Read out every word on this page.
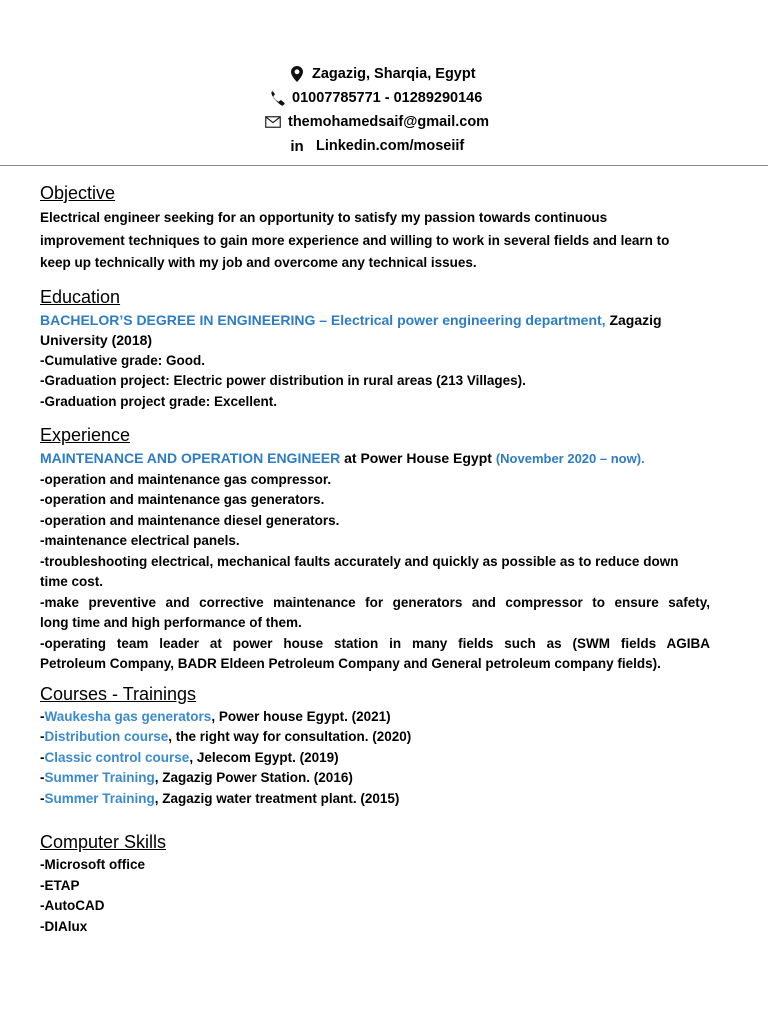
Zagazig, Sharqia, Egypt
01007785771 - 01289290146
themohamedsaif@gmail.com
in Linkedin.com/moseiif

Objective

Electrical engineer seeking for an opportunity to satisfy my passion towards continuous

improvement techniques to gain more experience and willing to work in several fields and learn to

keep up technically with my job and overcome any technical issues.

Education

BACHELOR’S DEGREE IN ENGINEERING – Electrical power engineering department, Zagazig

University (2018)

-Cumulative grade: Good.

-Graduation project: Electric power distribution in rural areas (213 Villages).

-Graduation project grade: Excellent.

Experience

MAINTENANCE AND OPERATION ENGINEER at Power House Egypt (November 2020 – now).

-operation and maintenance gas compressor.

-operation and maintenance gas generators.

-operation and maintenance diesel generators.

-maintenance electrical panels.

-troubleshooting electrical, mechanical faults accurately and quickly as possible as to reduce down

time cost.

-make preventive and corrective maintenance for generators and compressor to ensure safety,

long time and high performance of them.

-operating team leader at power house station in many fields such as (SWM fields AGIBA

Petroleum Company, BADR Eldeen Petroleum Company and General petroleum company fields).

Courses - Trainings

-Waukesha gas generators, Power house Egypt. (2021)

-Distribution course, the right way for consultation. (2020)

-Classic control course, Jelecom Egypt. (2019)

-Summer Training, Zagazig Power Station. (2016)

-Summer Training, Zagazig water treatment plant. (2015)

Computer Skills

-Microsoft office

-ETAP

-AutoCAD

-DIAlux
